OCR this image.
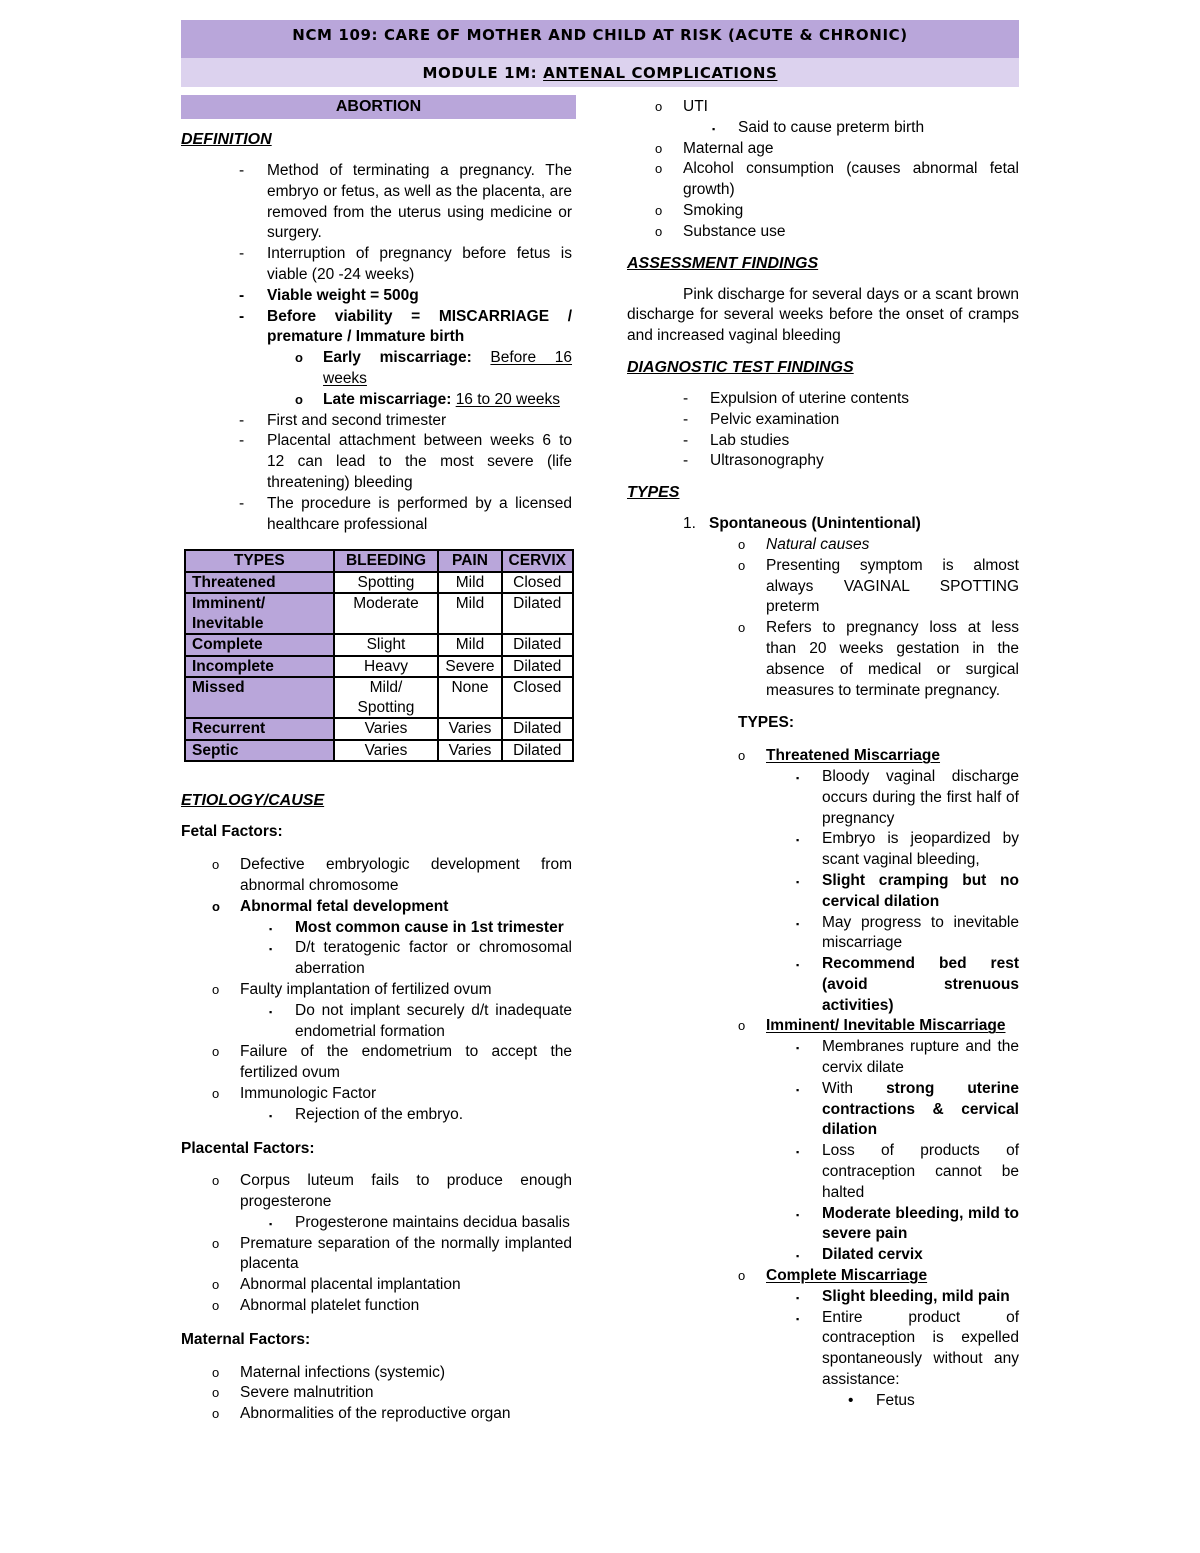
NCM 109: CARE OF MOTHER AND CHILD AT RISK (ACUTE & CHRONIC)
MODULE 1M: ANTENAL COMPLICATIONS
ABORTION

DEFINITION

- Method of terminating a pregnancy. The embryo or fetus, as well as the placenta, are removed from the uterus using medicine or surgery.
- Interruption of pregnancy before fetus is viable (20 -24 weeks)
- Viable weight = 500g
- Before viability = MISCARRIAGE / premature / Immature birth
o Early miscarriage: Before 16 weeks
o Late miscarriage: 16 to 20 weeks
- First and second trimester
- Placental attachment between weeks 6 to 12 can lead to the most severe (life threatening) bleeding
- The procedure is performed by a licensed healthcare professional
TYPES	BLEEDING	PAIN	CERVIX
Threatened	Spotting	Mild	Closed
Imminent/ Inevitable	Moderate	Mild	Dilated
Complete	Slight	Mild	Dilated
Incomplete	Heavy	Severe	Dilated
Missed	Mild/ Spotting	None	Closed
Recurrent	Varies	Varies	Dilated
Septic	Varies	Varies	Dilated

ETIOLOGY/CAUSE

Fetal Factors:

o Defective embryologic development from abnormal chromosome
o Abnormal fetal development
▪ Most common cause in 1st trimester
▪ D/t teratogenic factor or chromosomal aberration
o Faulty implantation of fertilized ovum
▪ Do not implant securely d/t inadequate endometrial formation
o Failure of the endometrium to accept the fertilized ovum
o Immunologic Factor
▪ Rejection of the embryo.

Placental Factors:

o Corpus luteum fails to produce enough progesterone
▪ Progesterone maintains decidua basalis
o Premature separation of the normally implanted placenta
o Abnormal placental implantation
o Abnormal platelet function

Maternal Factors:

o Maternal infections (systemic)
o Severe malnutrition
o Abnormalities of the reproductive organ
o UTI
▪ Said to cause preterm birth
o Maternal age
o Alcohol consumption (causes abnormal fetal growth)
o Smoking
o Substance use

ASSESSMENT FINDINGS

Pink discharge for several days or a scant brown discharge for several weeks before the onset of cramps and increased vaginal bleeding

DIAGNOSTIC TEST FINDINGS

- Expulsion of uterine contents
- Pelvic examination
- Lab studies
- Ultrasonography

TYPES

1. Spontaneous (Unintentional)

o Natural causes
o Presenting symptom is almost always VAGINAL SPOTTING preterm
o Refers to pregnancy loss at less than 20 weeks gestation in the absence of medical or surgical measures to terminate pregnancy.

TYPES:

o Threatened Miscarriage
▪ Bloody vaginal discharge occurs during the first half of pregnancy
▪ Embryo is jeopardized by scant vaginal bleeding,
▪ Slight cramping but no cervical dilation
▪ May progress to inevitable miscarriage
▪ Recommend bed rest (avoid strenuous activities)
o Imminent/ Inevitable Miscarriage
▪ Membranes rupture and the cervix dilate
▪ With strong uterine contractions & cervical dilation
▪ Loss of products of contraception cannot be halted
▪ Moderate bleeding, mild to severe pain
▪ Dilated cervix
o Complete Miscarriage
▪ Slight bleeding, mild pain
▪ Entire product of contraception is expelled spontaneously without any assistance:
• Fetus
